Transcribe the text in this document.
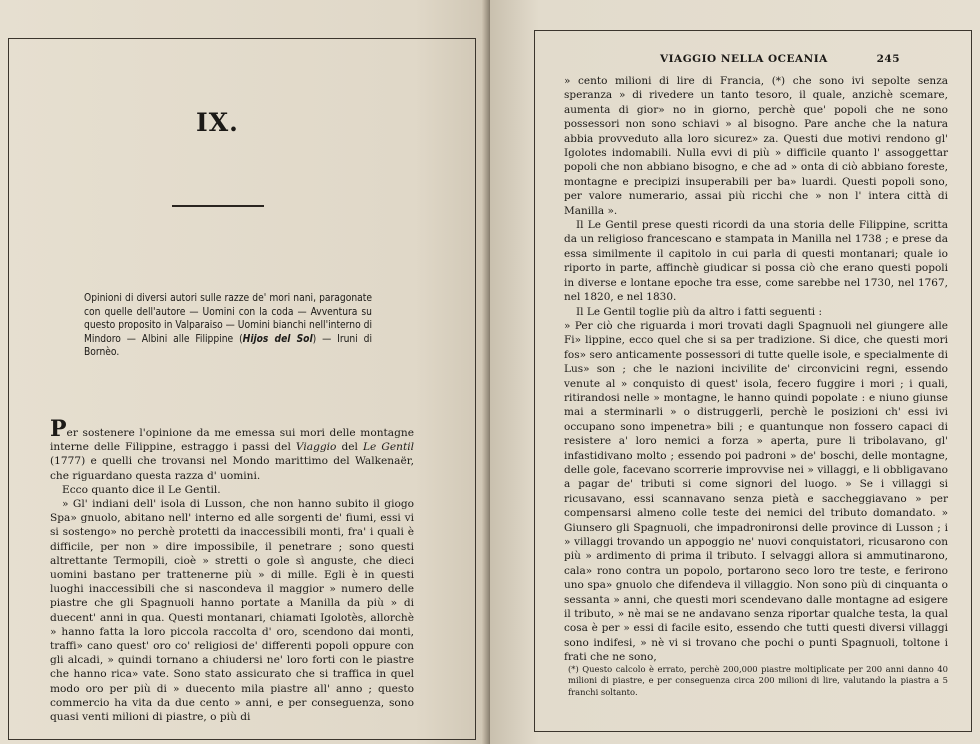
IX.
Opinioni di diversi autori sulle razze de' mori nani, paragonate con quelle dell'autore — Uomini con la coda — Avventura su questo proposito in Valparaiso — Uomini bianchi nell'interno di Mindoro — Albini alle Filippine (Hijos del Sol) — Iruni di Bornèo.

Per sostenere l'opinione da me emessa sui mori delle montagne interne delle Filippine, estraggo i passi del Viaggio del Le Gentil (1777) e quelli che trovansi nel Mondo marittimo del Walkenaër, che riguardano questa razza d' uomini.

Ecco quanto dice il Le Gentil.

» Gl' indiani dell' isola di Lusson, che non hanno subito il giogo Spa» gnuolo, abitano nell' interno ed alle sorgenti de' fiumi, essi vi si sostengo» no perchè protetti da inaccessibili monti, fra' i quali è difficile, per non » dire impossibile, il penetrare ; sono questi altrettante Termopili, cioè » stretti o gole sì anguste, che dieci uomini bastano per trattenerne più » di mille. Egli è in questi luoghi inaccessibili che si nascondeva il maggior » numero delle piastre che gli Spagnuoli hanno portate a Manilla da più » di duecent' anni in qua. Questi montanari, chiamati Igolotès, allorchè » hanno fatta la loro piccola raccolta d' oro, scendono dai monti, traffi» cano quest' oro co' religiosi de' differenti popoli oppure con gli alcadi, » quindi tornano a chiudersi ne' loro forti con le piastre che hanno rica» vate. Sono stato assicurato che si traffica in quel modo oro per più di » duecento mila piastre all' anno ; questo commercio ha vita da due cento » anni, e per conseguenza, sono quasi venti milioni di piastre, o più di

VIAGGIO NELLA OCEANIA	245

» cento milioni di lire di Francia, (*) che sono ivi sepolte senza speranza » di rivedere un tanto tesoro, il quale, anzichè scemare, aumenta di gior» no in giorno, perchè que' popoli che ne sono possessori non sono schiavi » al bisogno. Pare anche che la natura abbia provveduto alla loro sicurez» za. Questi due motivi rendono gl' Igolotes indomabili. Nulla evvi di più » difficile quanto l' assoggettar popoli che non abbiano bisogno, e che ad » onta di ciò abbiano foreste, montagne e precipizi insuperabili per ba» luardi. Questi popoli sono, per valore numerario, assai più ricchi che » non l' intera città di Manilla ».

Il Le Gentil prese questi ricordi da una storia delle Filippine, scritta da un religioso francescano e stampata in Manilla nel 1738 ; e prese da essa similmente il capitolo in cui parla di questi montanari; quale io riporto in parte, affinchè giudicar si possa ciò che erano questi popoli in diverse e lontane epoche tra esse, come sarebbe nel 1730, nel 1767, nel 1820, e nel 1830.

Il Le Gentil toglie più da altro i fatti seguenti :

» Per ciò che riguarda i mori trovati dagli Spagnuoli nel giungere alle Fi» lippine, ecco quel che si sa per tradizione. Si dice, che questi mori fos» sero anticamente possessori di tutte quelle isole, e specialmente di Lus» son ; che le nazioni incivilite de' circonvicini regni, essendo venute al » conquisto di quest' isola, fecero fuggire i mori ; i quali, ritirandosi nelle » montagne, le hanno quindi popolate : e niuno giunse mai a sterminarli » o distruggerli, perchè le posizioni ch' essi ivi occupano sono impenetra» bili ; e quantunque non fossero capaci di resistere a' loro nemici a forza » aperta, pure li tribolavano, gl' infastidivano molto ; essendo poi padroni » de' boschi, delle montagne, delle gole, facevano scorrerie improvvise nei » villaggi, e li obbligavano a pagar de' tributi si come signori del luogo. » Se i villaggi si ricusavano, essi scannavano senza pietà e saccheggiavano » per compensarsi almeno colle teste dei nemici del tributo domandato. » Giunsero gli Spagnuoli, che impadronironsi delle province di Lusson ; i » villaggi trovando un appoggio ne' nuovi conquistatori, ricusarono con più » ardimento di prima il tributo. I selvaggi allora si ammutinarono, cala» rono contra un popolo, portarono seco loro tre teste, e ferirono uno spa» gnuolo che difendeva il villaggio. Non sono più di cinquanta o sessanta » anni, che questi mori scendevano dalle montagne ad esigere il tributo, » nè mai se ne andavano senza riportar qualche testa, la qual cosa è per » essi di facile esito, essendo che tutti questi diversi villaggi sono indifesi, » nè vi si trovano che pochi o punti Spagnuoli, toltone i frati che ne sono,

(*) Questo calcolo è errato, perchè 200,000 piastre moltiplicate per 200 anni danno 40 milioni di piastre, e per conseguenza circa 200 milioni di lire, valutando la piastra a 5 franchi soltanto.
